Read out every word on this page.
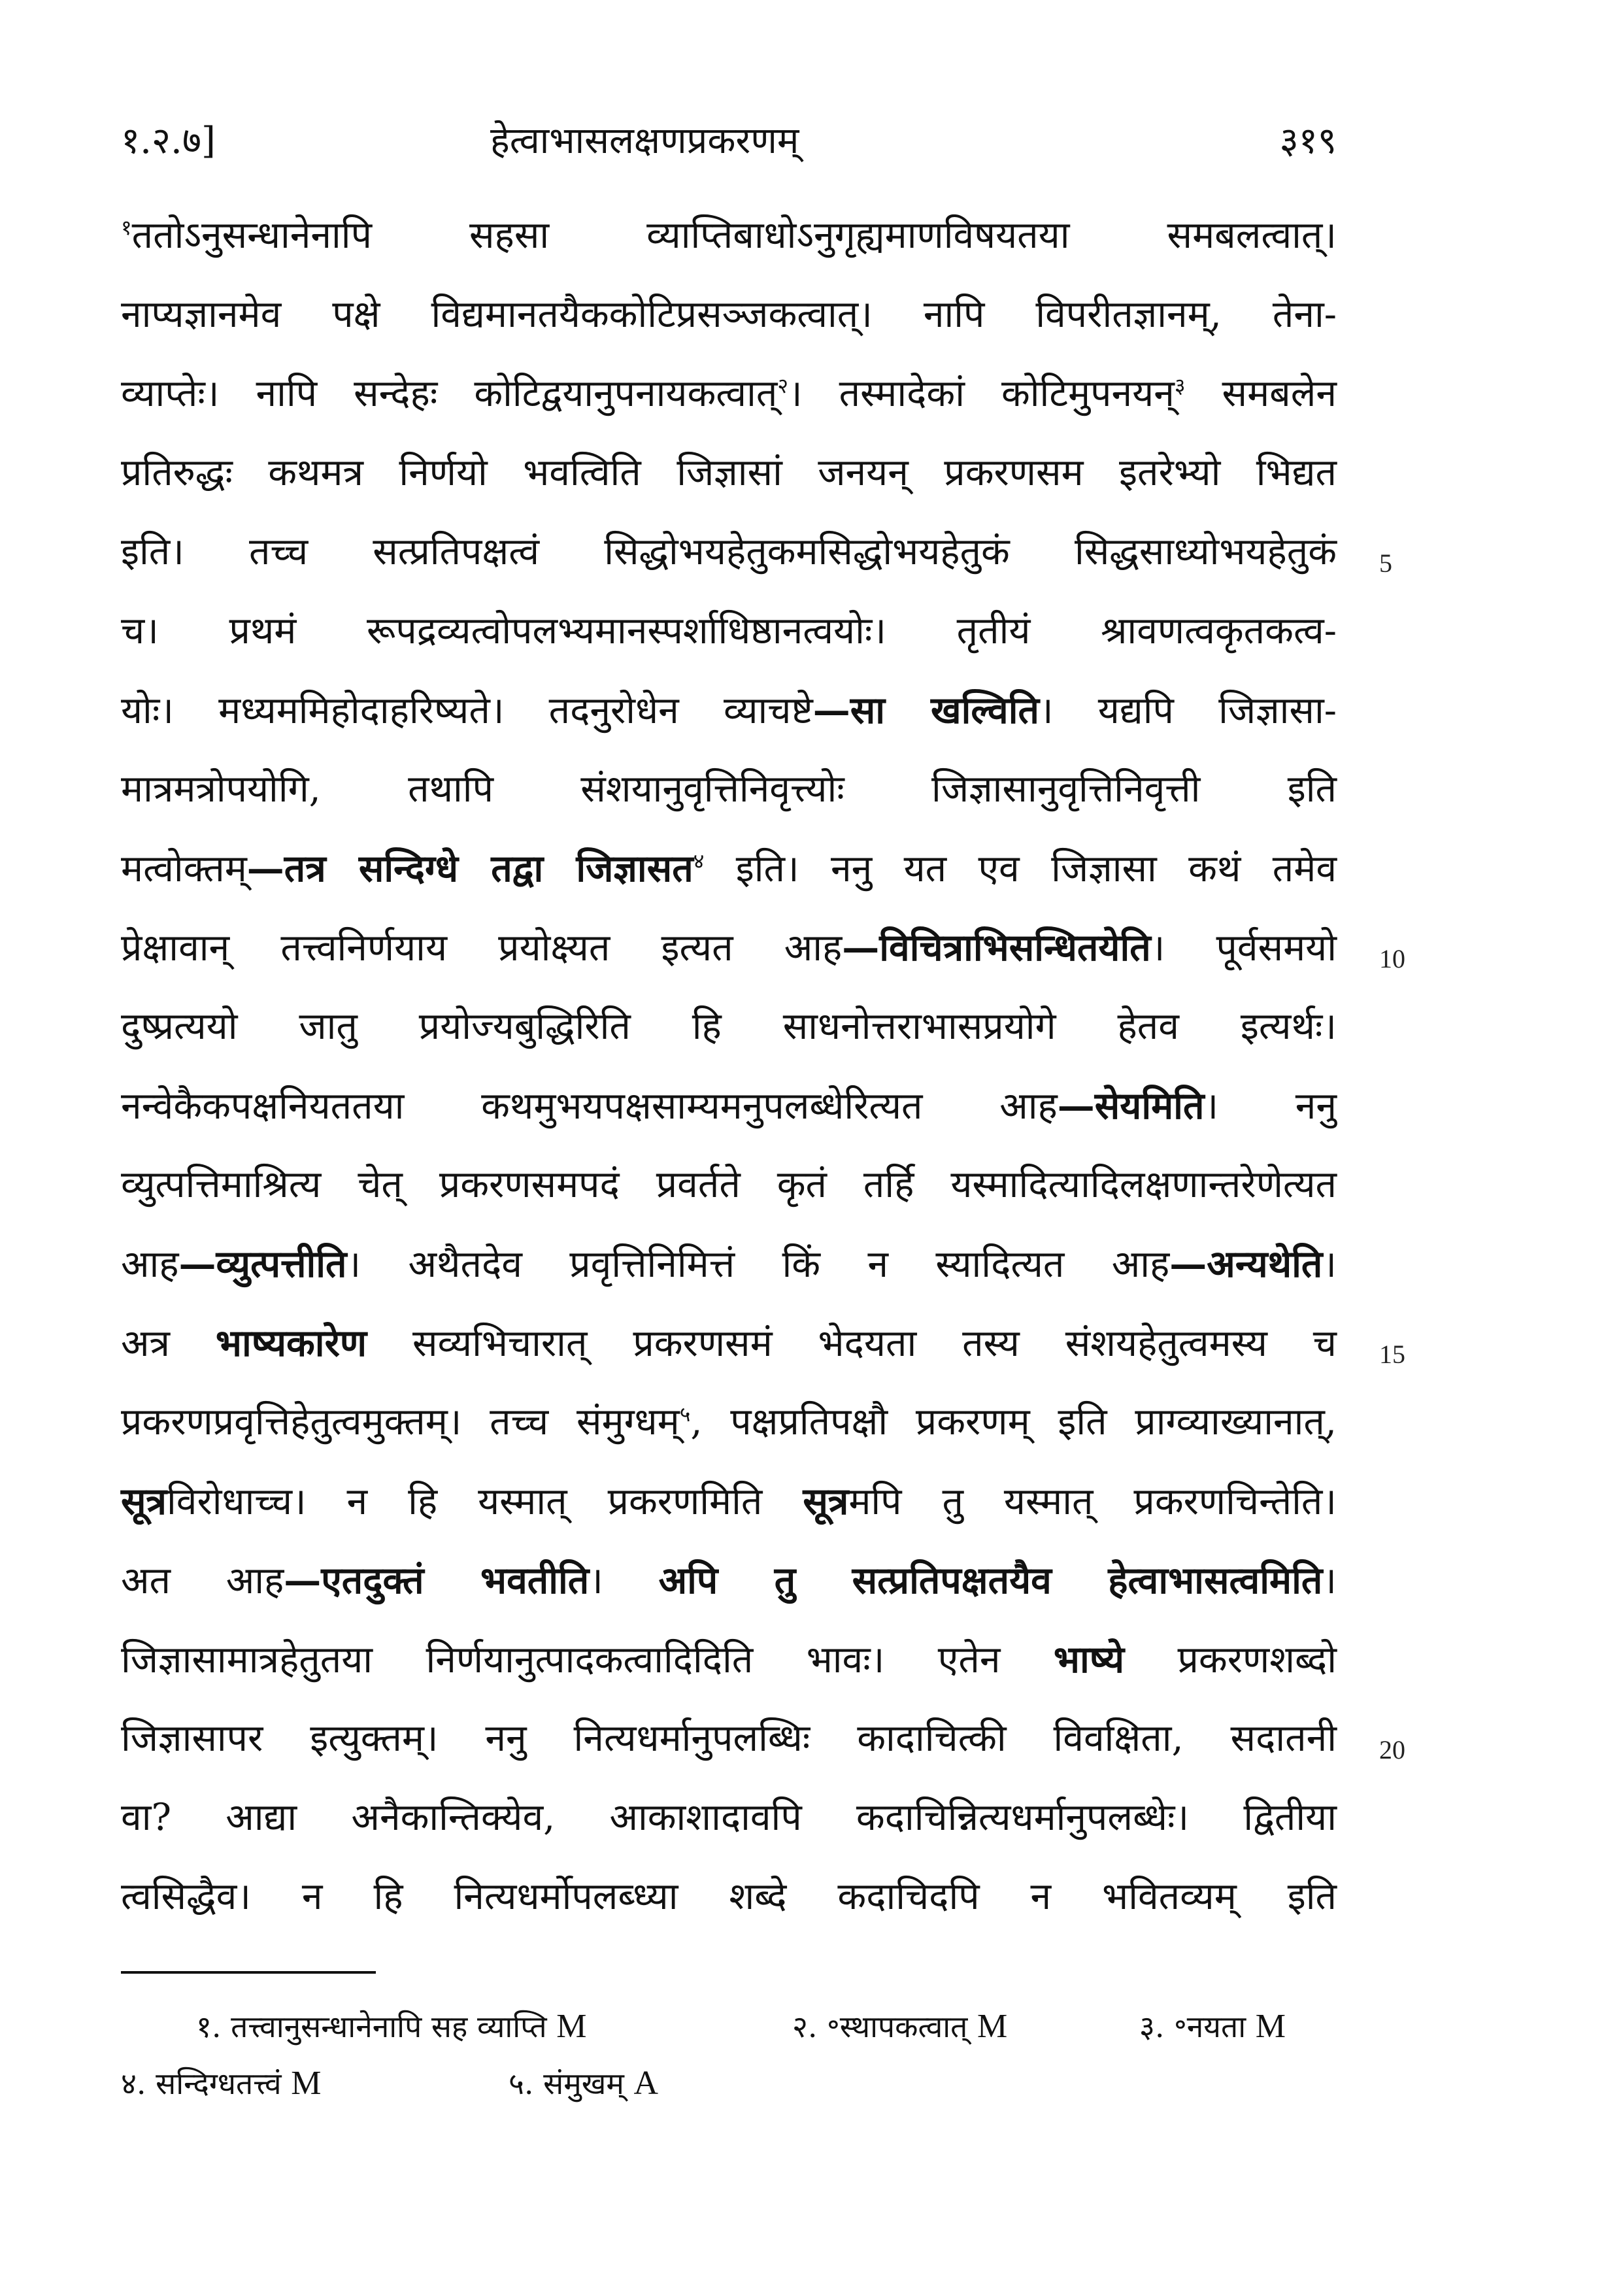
१.२.७]	हेत्वाभासलक्षणप्रकरणम्	३१९
$^१$ततोऽनुसन्धानेनापि सहसा व्याप्तिबाधोऽनुगृह्यमाणविषयतया समबलत्वात्।
नाप्यज्ञानमेव पक्षे विद्यमानतयैककोटिप्रसञ्जकत्वात्। नापि विपरीतज्ञानम्, तेना-
व्याप्तेः। नापि सन्देहः कोटिद्वयानुपनायकत्वात्$^२$। तस्मादेकां कोटिमुपनयन्$^३$ समबलेन
प्रतिरुद्धः कथमत्र निर्णयो भवत्विति जिज्ञासां जनयन् प्रकरणसम इतरेभ्यो भिद्यत
इति। तच्च सत्प्रतिपक्षत्वं सिद्धोभयहेतुकमसिद्धोभयहेतुकं सिद्धसाध्योभयहेतुकं
च। प्रथमं रूपद्रव्यत्वोपलभ्यमानस्पर्शाधिष्ठानत्वयोः। तृतीयं श्रावणत्वकृतकत्व-
योः। मध्यममिहोदाहरिष्यते। तदनुरोधेन व्याचष्टे—सा खल्विति। यद्यपि जिज्ञासा-
मात्रमत्रोपयोगि, तथापि संशयानुवृत्तिनिवृत्त्योः जिज्ञासानुवृत्तिनिवृत्ती इति
मत्वोक्तम्—तत्र सन्दिग्धे तद्वा जिज्ञासत$^४$ इति। ननु यत एव जिज्ञासा कथं तमेव
प्रेक्षावान् तत्त्वनिर्णयाय प्रयोक्ष्यत इत्यत आह—विचित्राभिसन्धितयेति। पूर्वसमयो
दुष्प्रत्ययो जातु प्रयोज्यबुद्धिरिति हि साधनोत्तराभासप्रयोगे हेतव इत्यर्थः।
नन्वेकैकपक्षनियततया कथमुभयपक्षसाम्यमनुपलब्धेरित्यत आह—सेयमिति। ननु
व्युत्पत्तिमाश्रित्य चेत् प्रकरणसमपदं प्रवर्तते कृतं तर्हि यस्मादित्यादिलक्षणान्तरेणेत्यत
आह—व्युत्पत्तीति। अथैतदेव प्रवृत्तिनिमित्तं किं न स्यादित्यत आह—अन्यथेति।
अत्र भाष्यकारेण सव्यभिचारात् प्रकरणसमं भेदयता तस्य संशयहेतुत्वमस्य च
प्रकरणप्रवृत्तिहेतुत्वमुक्तम्। तच्च संमुग्धम्$^५$, पक्षप्रतिपक्षौ प्रकरणम् इति प्राग्व्याख्यानात्,
सूत्रविरोधाच्च। न हि यस्मात् प्रकरणमिति सूत्रमपि तु यस्मात् प्रकरणचिन्तेति।
अत आह—एतदुक्तं भवतीति। अपि तु सत्प्रतिपक्षतयैव हेत्वाभासत्वमिति।
जिज्ञासामात्रहेतुतया निर्णयानुत्पादकत्वादिदिति भावः। एतेन भाष्ये प्रकरणशब्दो
जिज्ञासापर इत्युक्तम्। ननु नित्यधर्मानुपलब्धिः कादाचित्की विवक्षिता, सदातनी
वा? आद्या अनैकान्तिक्येव, आकाशादावपि कदाचिन्नित्यधर्मानुपलब्धेः। द्वितीया
त्वसिद्धैव। न हि नित्यधर्मोपलब्ध्या शब्दे कदाचिदपि न भवितव्यम् इति
5
10
15
20
१. तत्त्वानुसन्धानेनापि सह व्याप्ति M	२. ॰स्थापकत्वात् M	३. ॰नयता M
४. सन्दिग्धतत्त्वं M	५. संमुखम् A
